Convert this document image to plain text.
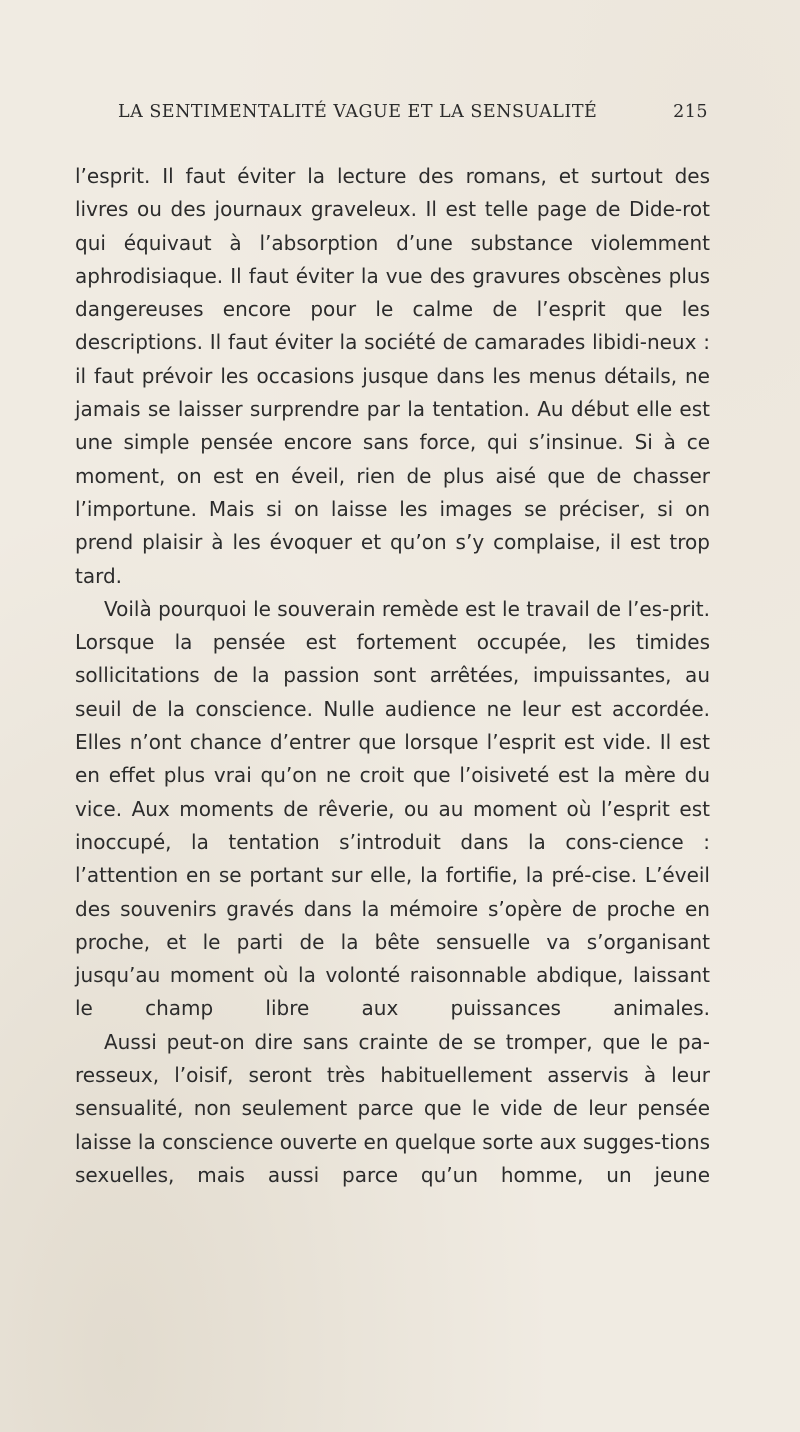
LA SENTIMENTALITÉ VAGUE ET LA SENSUALITÉ	215

l’esprit. Il faut éviter la lecture des romans, et surtout des livres ou des journaux graveleux. Il est telle page de Dide-rot qui équivaut à l’absorption d’une substance violemment aphrodisiaque. Il faut éviter la vue des gravures obscènes plus dangereuses encore pour le calme de l’esprit que les descriptions. Il faut éviter la société de camarades libidi-neux : il faut prévoir les occasions jusque dans les menus détails, ne jamais se laisser surprendre par la tentation. Au début elle est une simple pensée encore sans force, qui s’insinue. Si à ce moment, on est en éveil, rien de plus aisé que de chasser l’importune. Mais si on laisse les images se préciser, si on prend plaisir à les évoquer et qu’on s’y complaise, il est trop tard.

Voilà pourquoi le souverain remède est le travail de l’es-prit. Lorsque la pensée est fortement occupée, les timides sollicitations de la passion sont arrêtées, impuissantes, au seuil de la conscience. Nulle audience ne leur est accordée. Elles n’ont chance d’entrer que lorsque l’esprit est vide. Il est en effet plus vrai qu’on ne croit que l’oisiveté est la mère du vice. Aux moments de rêverie, ou au moment où l’esprit est inoccupé, la tentation s’introduit dans la cons-cience : l’attention en se portant sur elle, la fortifie, la pré-cise. L’éveil des souvenirs gravés dans la mémoire s’opère de proche en proche, et le parti de la bête sensuelle va s’organisant jusqu’au moment où la volonté raisonnable abdique, laissant le champ libre aux puissances animales.

Aussi peut-on dire sans crainte de se tromper, que le pa-resseux, l’oisif, seront très habituellement asservis à leur sensualité, non seulement parce que le vide de leur pensée laisse la conscience ouverte en quelque sorte aux sugges-tions sexuelles, mais aussi parce qu’un homme, un jeune
